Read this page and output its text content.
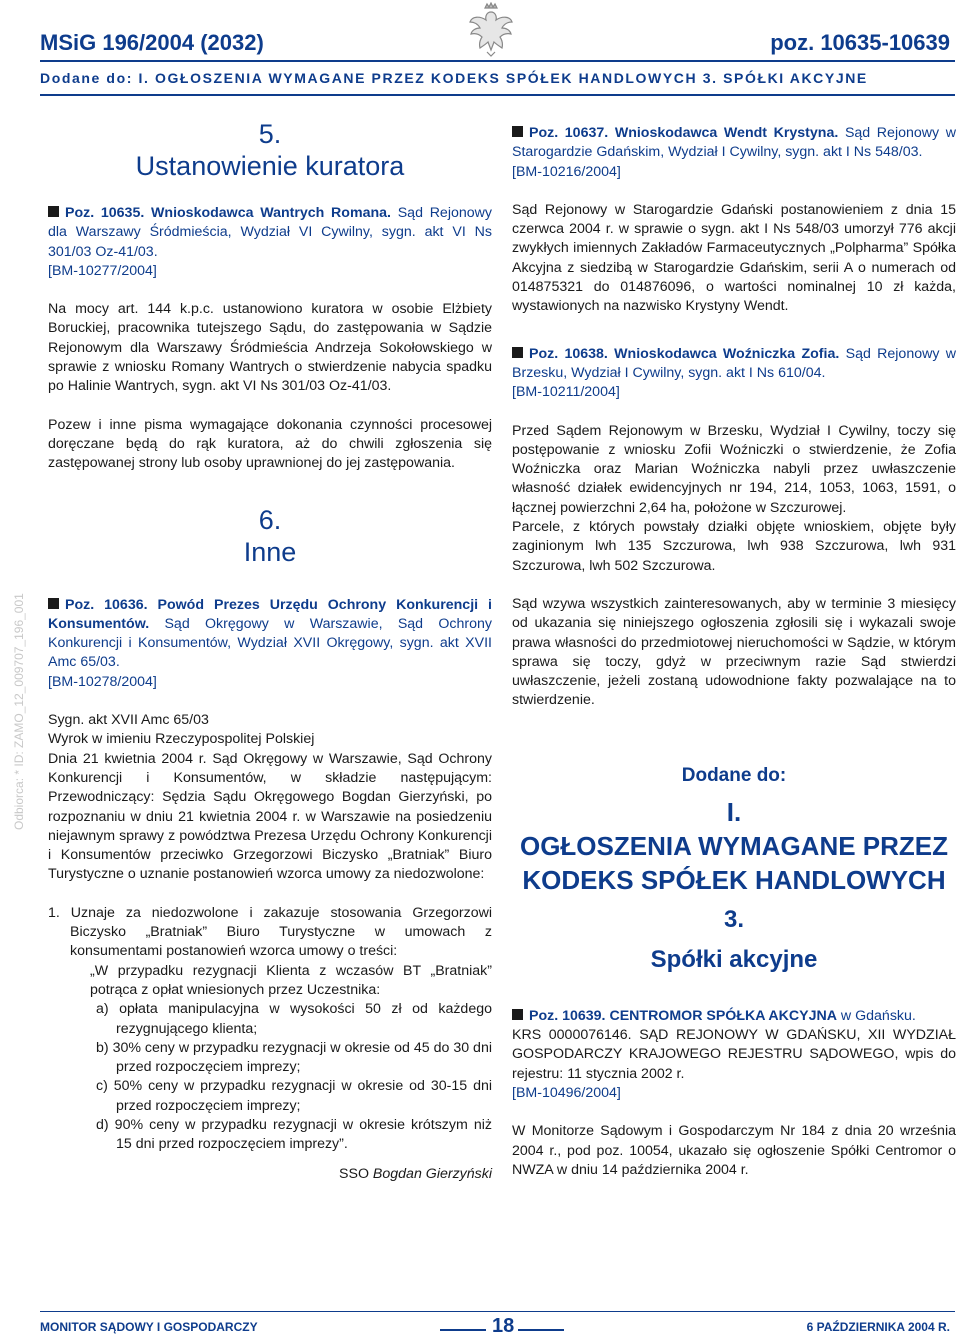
MSiG 196/2004 (2032)	poz. 10635-10639
Dodane do: I. OGŁOSZENIA WYMAGANE PRZEZ KODEKS SPÓŁEK HANDLOWYCH 3. SPÓŁKI AKCYJNE
Odbiorca: * ID: ZAMO_12_009707_196_001
5.
Ustanowienie kuratora

Poz. 10635. Wnioskodawca Wantrych Romana. Sąd Rejonowy dla Warszawy Śródmieścia, Wydział VI Cywilny, sygn. akt VI Ns 301/03 Oz-41/03.

[BM-10277/2004]

Na mocy art. 144 k.p.c. ustanowiono kuratora w osobie Elżbiety Boruckiej, pracownika tutejszego Sądu, do zastępowania w Sądzie Rejonowym dla Warszawy Śródmieścia Andrzeja Sokołowskiego w sprawie z wniosku Romany Wantrych o stwierdzenie nabycia spadku po Halinie Wantrych, sygn. akt VI Ns 301/03 Oz-41/03.

Pozew i inne pisma wymagające dokonania czynności procesowej doręczane będą do rąk kuratora, aż do chwili zgłoszenia się zastępowanej strony lub osoby uprawnionej do jej zastępowania.

6.
Inne

Poz. 10636. Powód Prezes Urzędu Ochrony Konkurencji i Konsumentów. Sąd Okręgowy w Warszawie, Sąd Ochrony Konkurencji i Konsumentów, Wydział XVII Okręgowy, sygn. akt XVII Amc 65/03.

[BM-10278/2004]

Sygn. akt XVII Amc 65/03

Wyrok w imieniu Rzeczypospolitej Polskiej

Dnia 21 kwietnia 2004 r. Sąd Okręgowy w Warszawie, Sąd Ochrony Konkurencji i Konsumentów, w składzie następującym: Przewodniczący: Sędzia Sądu Okręgowego Bogdan Gierzyński, po rozpoznaniu w dniu 21 kwietnia 2004 r. w Warszawie na posiedzeniu niejawnym sprawy z powództwa Prezesa Urzędu Ochrony Konkurencji i Konsumentów przeciwko Grzegorzowi Biczysko „Bratniak” Biuro Turystyczne o uznanie postanowień wzorca umowy za niedozwolone:

1. Uznaje za niedozwolone i zakazuje stosowania Grzegorzowi Biczysko „Bratniak” Biuro Turystyczne w umowach z konsumentami postanowień wzorca umowy o treści:
„W przypadku rezygnacji Klienta z wczasów BT „Bratniak” potrąca z opłat wniesionych przez Uczestnika:
a) opłata manipulacyjna w wysokości 50 zł od każdego rezygnującego klienta;
b) 30% ceny w przypadku rezygnacji w okresie od 45 do 30 dni przed rozpoczęciem imprezy;
c) 50% ceny w przypadku rezygnacji w okresie od 30-15 dni przed rozpoczęciem imprezy;
d) 90% ceny w przypadku rezygnacji w okresie krótszym niż 15 dni przed rozpoczęciem imprezy”.
SSO Bogdan Gierzyński

Poz. 10637. Wnioskodawca Wendt Krystyna. Sąd Rejonowy w Starogardzie Gdańskim, Wydział I Cywilny, sygn. akt I Ns 548/03.

[BM-10216/2004]

Sąd Rejonowy w Starogardzie Gdański postanowieniem z dnia 15 czerwca 2004 r. w sprawie o sygn. akt I Ns 548/03 umorzył 776 akcji zwykłych imiennych Zakładów Farmaceutycznych „Polpharma” Spółka Akcyjna z siedzibą w Starogardzie Gdańskim, serii A o numerach od 014875321 do 014876096, o wartości nominalnej 10 zł każda, wystawionych na nazwisko Krystyny Wendt.

Poz. 10638. Wnioskodawca Woźniczka Zofia. Sąd Rejonowy w Brzesku, Wydział I Cywilny, sygn. akt I Ns 610/04.

[BM-10211/2004]

Przed Sądem Rejonowym w Brzesku, Wydział I Cywilny, toczy się postępowanie z wniosku Zofii Woźniczki o stwierdzenie, że Zofia Woźniczka oraz Marian Woźniczka nabyli przez uwłaszczenie własność działek ewidencyjnych nr 194, 214, 1053, 1063, 1591, o łącznej powierzchni 2,64 ha, położone w Szczurowej.

Parcele, z których powstały działki objęte wnioskiem, objęte były zaginionym lwh 135 Szczurowa, lwh 938 Szczurowa, lwh 931 Szczurowa, lwh 502 Szczurowa.

Sąd wzywa wszystkich zainteresowanych, aby w terminie 3 miesięcy od ukazania się niniejszego ogłoszenia zgłosili się i wykazali swoje prawa własności do przedmiotowej nieruchomości w Sądzie, w którym sprawa się toczy, gdyż w przeciwnym razie Sąd stwierdzi uwłaszczenie, jeżeli zostaną udowodnione fakty pozwalające na to stwierdzenie.

Dodane do:
I.
OGŁOSZENIA WYMAGANE PRZEZ KODEKS SPÓŁEK HANDLOWYCH
3.
Spółki akcyjne

Poz. 10639. CENTROMOR SPÓŁKA AKCYJNA w Gdańsku.

KRS 0000076146. SĄD REJONOWY W GDAŃSKU, XII WYDZIAŁ GOSPODARCZY KRAJOWEGO REJESTRU SĄDOWEGO, wpis do rejestru: 11 stycznia 2002 r.

[BM-10496/2004]

W Monitorze Sądowym i Gospodarczym Nr 184 z dnia 20 września 2004 r., pod poz. 10054, ukazało się ogłoszenie Spółki Centromor o NWZA w dniu 14 października 2004 r.

MONITOR SĄDOWY I GOSPODARCZY	18	6 PAŹDZIERNIKA 2004 R.
